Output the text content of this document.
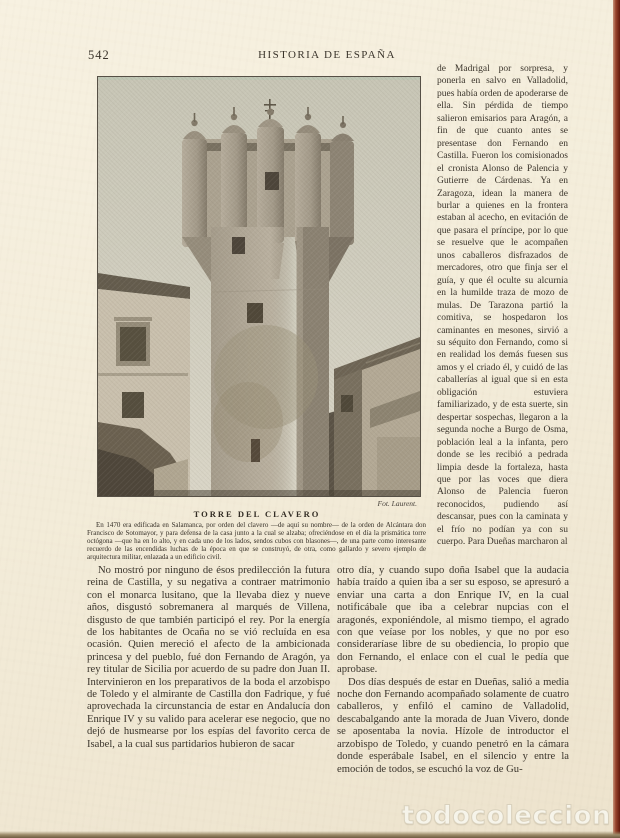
542	HISTORIA DE ESPAÑA
Fot. Laurent.
TORRE DEL CLAVERO

En 1470 era edificada en Salamanca, por orden del clavero —de aquí su nombre— de la orden de Alcántara don Francisco de Sotomayor, y para defensa de la casa junto a la cual se alzaba; ofreciéndose en el día la prismática torre octógona —que ha en lo alto, y en cada uno de los lados, sendos cubos con blasones—, de una parte como interesante recuerdo de las encendidas luchas de la época en que se construyó, de otra, como gallardo y severo ejemplo de arquitectura militar, enlazada a un edificio civil.

de Madrigal por sorpresa, y ponerla en salvo en Valladolid, pues había orden de apoderarse de ella. Sin pérdida de tiempo salieron emisarios para Aragón, a fin de que cuanto antes se presentase don Fernando en Castilla. Fueron los comisionados el cronista Alonso de Palencia y Gutierre de Cárdenas. Ya en Zaragoza, idean la manera de burlar a quienes en la frontera estaban al acecho, en evitación de que pasara el príncipe, por lo que se resuelve que le acompañen unos caballeros disfrazados de mercadores, otro que finja ser el guía, y que él oculte su alcurnia en la humilde traza de mozo de mulas. De Tarazona partió la comitiva, se hospedaron los caminantes en mesones, sirvió a su séquito don Fernando, como si en realidad los demás fuesen sus amos y el criado él, y cuidó de las caballerías al igual que si en esta obligación estuviera familiarizado, y de esta suerte, sin despertar sospechas, llegaron a la segunda noche a Burgo de Osma, población leal a la infanta, pero donde se les recibió a pedrada limpia desde la fortaleza, hasta que por las voces que diera Alonso de Palencia fueron reconocidos, pudiendo así descansar, pues con la caminata y el frío no podían ya con su cuerpo. Para Dueñas marcharon al

No mostró por ninguno de ésos predilección la futura reina de Castilla, y su negativa a contraer matrimonio con el monarca lusitano, que la llevaba diez y nueve años, disgustó sobremanera al marqués de Villena, disgusto de que también participó el rey. Por la energía de los habitantes de Ocaña no se vió recluída en esa ocasión. Quien mereció el afecto de la ambicionada princesa y del pueblo, fué don Fernando de Aragón, ya rey titular de Sicilia por acuerdo de su padre don Juan II. Intervinieron en los preparativos de la boda el arzobispo de Toledo y el almirante de Castilla don Fadrique, y fué aprovechada la circunstancia de estar en Andalucía don Enrique IV y su valido para acelerar ese negocio, que no dejó de husmearse por los espías del favorito cerca de Isabel, a la cual sus partidarios hubieron de sacar

otro día, y cuando supo doña Isabel que la audacia había traído a quien iba a ser su esposo, se apresuró a enviar una carta a don Enrique IV, en la cual notificábale que iba a celebrar nupcias con el aragonés, exponiéndole, al mismo tiempo, el agrado con que veíase por los nobles, y que no por eso consideraríase libre de su obediencia, lo propio que don Fernando, el enlace con el cual le pedía que aprobase.

Dos días después de estar en Dueñas, salió a media noche don Fernando acompañado solamente de cuatro caballeros, y enfiló el camino de Valladolid, descabalgando ante la morada de Juan Vivero, donde se aposentaba la novia. Hízole de introductor el arzobispo de Toledo, y cuando penetró en la cámara donde esperábale Isabel, en el silencio y entre la emoción de todos, se escuchó la voz de Gu-

todocoleccion
